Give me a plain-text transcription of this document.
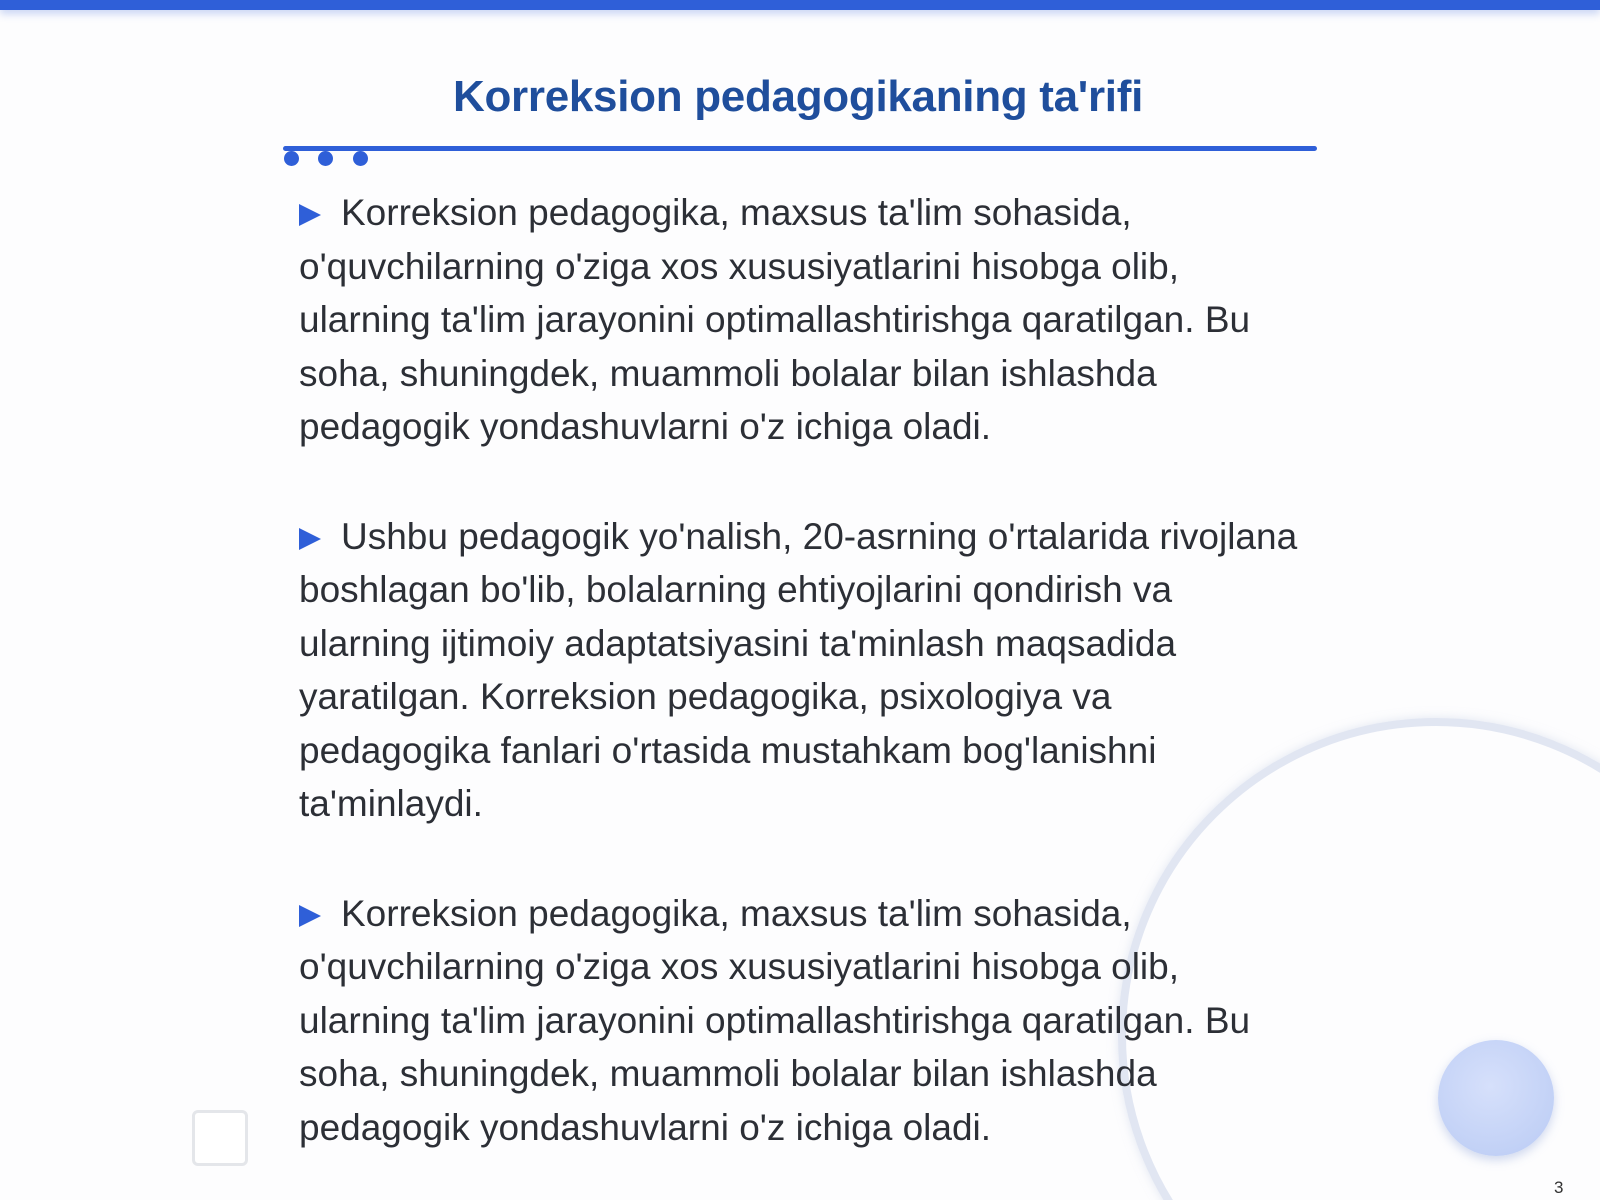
Korreksion pedagogikaning ta'rifi

Korreksion pedagogika, maxsus ta'lim sohasida, o'quvchilarning o'ziga xos xususiyatlarini hisobga olib, ularning ta'lim jarayonini optimallashtirishga qaratilgan. Bu soha, shuningdek, muammoli bolalar bilan ishlashda pedagogik yondashuvlarni o'z ichiga oladi.

Ushbu pedagogik yo'nalish, 20-asrning o'rtalarida rivojlana boshlagan bo'lib, bolalarning ehtiyojlarini qondirish va ularning ijtimoiy adaptatsiyasini ta'minlash maqsadida yaratilgan. Korreksion pedagogika, psixologiya va pedagogika fanlari o'rtasida mustahkam bog'lanishni ta'minlaydi.

Korreksion pedagogika, maxsus ta'lim sohasida, o'quvchilarning o'ziga xos xususiyatlarini hisobga olib, ularning ta'lim jarayonini optimallashtirishga qaratilgan. Bu soha, shuningdek, muammoli bolalar bilan ishlashda pedagogik yondashuvlarni o'z ichiga oladi.

3
